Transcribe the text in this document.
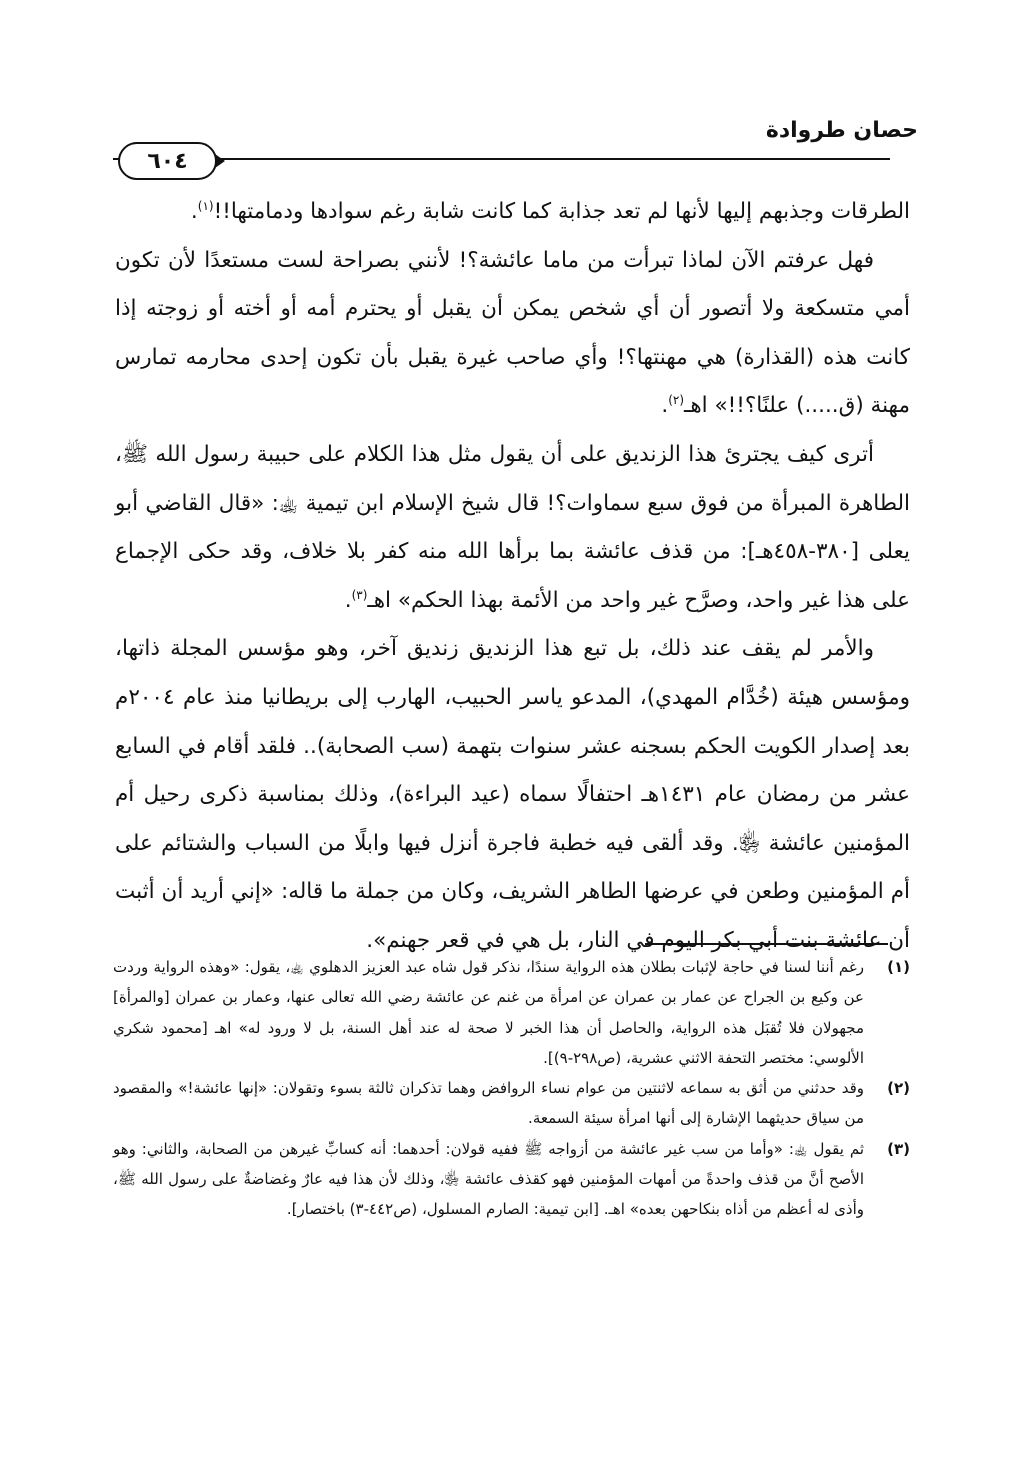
حصان طروادة
٦٠٤

الطرقات وجذبهم إليها لأنها لم تعد جذابة كما كانت شابة رغم سوادها ودمامتها!!$^{(١)}$.

فهل عرفتم الآن لماذا تبرأت من ماما عائشة؟! لأنني بصراحة لست مستعدًا لأن تكون أمي متسكعة ولا أتصور أن أي شخص يمكن أن يقبل أو يحترم أمه أو أخته أو زوجته إذا كانت هذه (القذارة) هي مهنتها؟! وأي صاحب غيرة يقبل بأن تكون إحدى محارمه تمارس مهنة (ق.....) علنًا؟!!» اهـ$^{(٢)}$.

أترى كيف يجترئ هذا الزنديق على أن يقول مثل هذا الكلام على حبيبة رسول الله ﷺ، الطاهرة المبرأة من فوق سبع سماوات؟! قال شيخ الإسلام ابن تيمية ﵀: «قال القاضي أبو يعلى [٣٨٠-٤٥٨هـ]: من قذف عائشة بما برأها الله منه كفر بلا خلاف، وقد حكى الإجماع على هذا غير واحد، وصرَّح غير واحد من الأئمة بهذا الحكم» اهـ$^{(٣)}$.

والأمر لم يقف عند ذلك، بل تبع هذا الزنديق زنديق آخر، وهو مؤسس المجلة ذاتها، ومؤسس هيئة (خُدَّام المهدي)، المدعو ياسر الحبيب، الهارب إلى بريطانيا منذ عام ٢٠٠٤م بعد إصدار الكويت الحكم بسجنه عشر سنوات بتهمة (سب الصحابة).. فلقد أقام في السابع عشر من رمضان عام ١٤٣١هـ احتفالًا سماه (عيد البراءة)، وذلك بمناسبة ذكرى رحيل أم المؤمنين عائشة ﵂. وقد ألقى فيه خطبة فاجرة أنزل فيها وابلًا من السباب والشتائم على أم المؤمنين وطعن في عرضها الطاهر الشريف، وكان من جملة ما قاله: «إني أريد أن أثبت أن عائشة بنت أبي بكر اليوم في النار، بل هي في قعر جهنم».

(١)
رغم أننا لسنا في حاجة لإثبات بطلان هذه الرواية سندًا، نذكر قول شاه عبد العزيز الدهلوي ﵀، يقول: «وهذه الرواية وردت عن وكيع بن الجراح عن عمار بن عمران عن امرأة من غنم عن عائشة رضي الله تعالى عنها، وعمار بن عمران [والمرأة] مجهولان فلا تُقبَل هذه الرواية، والحاصل أن هذا الخبر لا صحة له عند أهل السنة، بل لا ورود له» اهـ [محمود شكري الألوسي: مختصر التحفة الاثني عشرية، (ص٢٩٨-٩)].
(٢)
وقد حدثني من أثق به سماعه لاثنتين من عوام نساء الروافض وهما تذكران ثالثة بسوء وتقولان: «إنها عائشة!» والمقصود من سياق حديثهما الإشارة إلى أنها امرأة سيئة السمعة.
(٣)
ثم يقول ﵀: «وأما من سب غير عائشة من أزواجه ﷺ ففيه قولان: أحدهما: أنه كسابِّ غيرهن من الصحابة، والثاني: وهو الأصح أنَّ من قذف واحدةً من أمهات المؤمنين فهو كقذف عائشة ﵂، وذلك لأن هذا فيه عارٌ وغضاضةٌ على رسول الله ﷺ، وأذى له أعظم من أذاه بنكاحهن بعده» اهـ. [ابن تيمية: الصارم المسلول، (ص٤٤٢-٣) باختصار].
